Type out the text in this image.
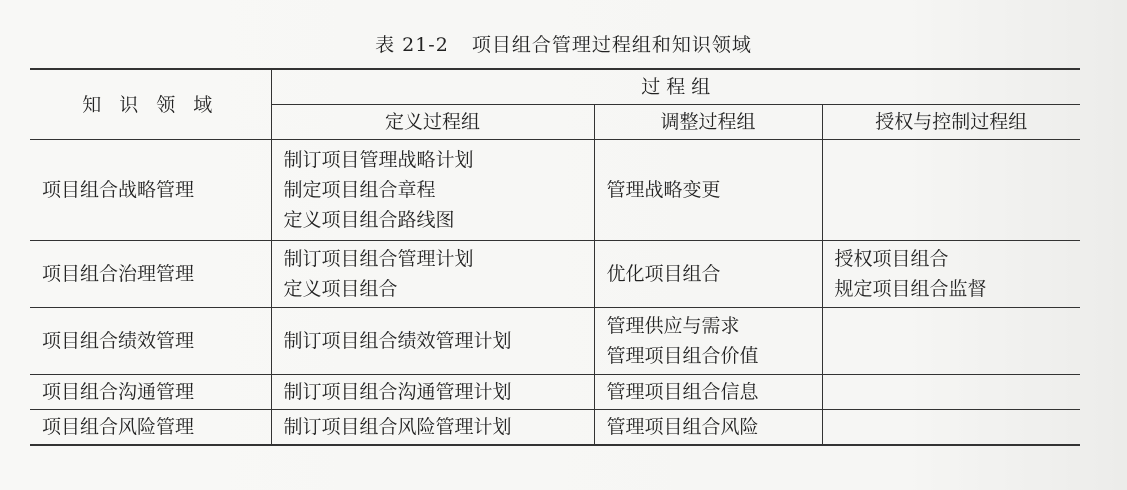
表 21-2 项目组合管理过程组和知识领域
知 识 领 域	过 程 组		
	定义过程组	调整过程组	授权与控制过程组
项目组合战略管理	制订项目管理战略计划
制定项目组合章程
定义项目组合路线图	管理战略变更	

项目组合治理管理	制订项目组合管理计划
定义项目组合	优化项目组合	授权项目组合
规定项目组合监督

项目组合绩效管理	制订项目组合绩效管理计划	管理供应与需求
管理项目组合价值	

项目组合沟通管理	制订项目组合沟通管理计划	管理项目组合信息	

项目组合风险管理	制订项目组合风险管理计划	管理项目组合风险	
